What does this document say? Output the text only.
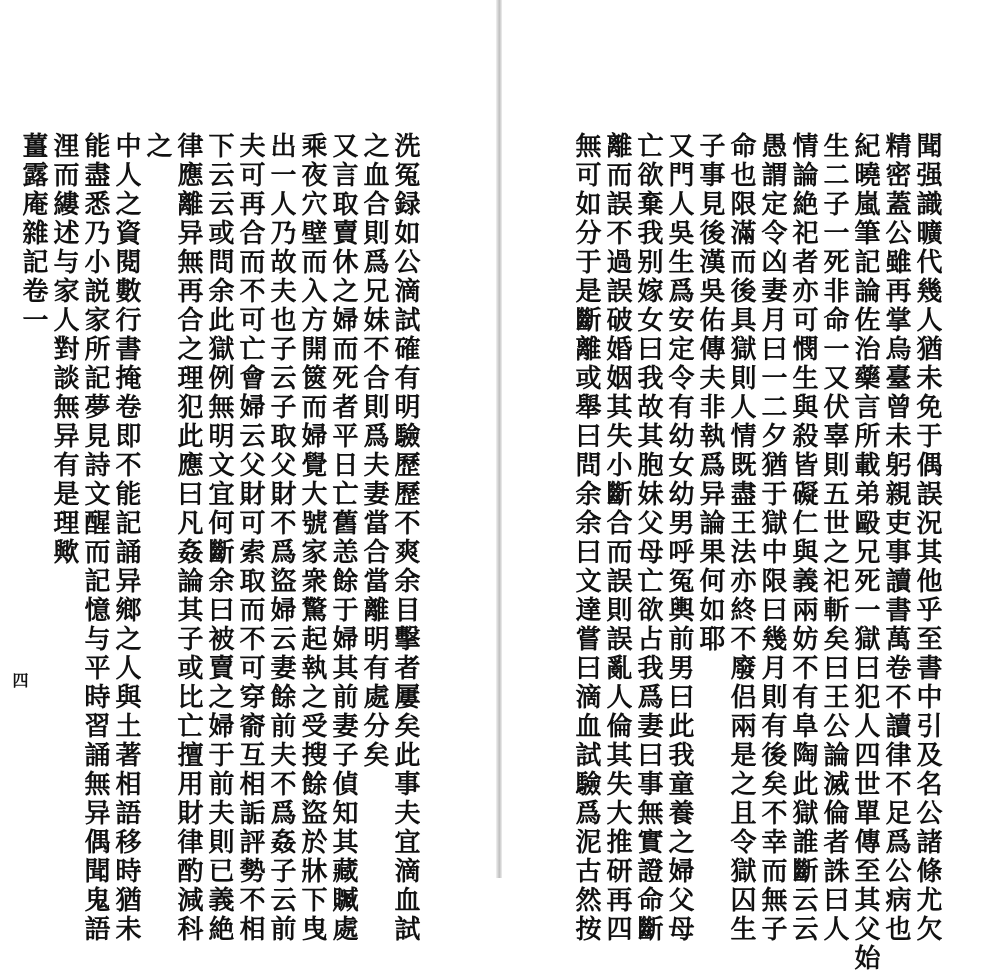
洗冤録如公滴試確有明驗歷歷不爽余目擊者屢矣此事夫宜滴血試
之血合則爲兄妹不合則爲夫妻當合當離明有處分矣
又言取賣休之婦而死者平日亡舊恙餘于婦其前妻子偵知其藏贓處
乘夜穴壁而入方開篋而婦覺大號家衆驚起執之受搜餘盜於牀下曳
出一人乃故夫也子云子取父財不爲盜婦云妻餘前夫不爲姦子云前
夫可再合而不可亡會婦云父財可索取而不可穿窬互相詬評勢不相
下云云或問余此獄例無明文宜何斷余曰被賣之婦于前夫則已義絶
律應離异無再合之理犯此應曰凡姦論其子或比亡擅用財律酌減科
之
中人之資閱數行書掩卷即不能記誦异鄉之人與土著相語移時猶未
能盡悉乃小説家所記夢見詩文醒而記憶与平時習誦無异偶聞鬼語
浬而縷述与家人對談無异有是理歟
薑露庵雜記卷一
四	聞强識曠代幾人猶未免于偶誤況其他乎至書中引及名公諸條尤欠
精密蓋公雖再掌烏臺曾未躬親吏事讀書萬卷不讀律不足爲公病也
紀曉嵐筆記論佐治藥言所載弟毆兄死一獄曰犯人四世單傳至其父始
生二子一死非命一又伏辜則五世之祀斬矣曰王公論滅倫者誅曰人
情論絶祀者亦可憫生與殺皆礙仁與義兩妨不有阜陶此獄誰斷云云
愚謂定令凶妻月曰一二夕猶于獄中限曰幾月則有後矣不幸而無子
命也限滿而後具獄則人情既盡王法亦終不廢侣兩是之且令獄囚生
子事見後漢吳佑傳夫非執爲异論果何如耶
又門人吳生爲安定令有幼女幼男呼冤輿前男曰此我童養之婦父母
亡欲棄我别嫁女曰我故其胞妹父母亡欲占我爲妻曰事無實證命斷
離而誤不過誤破婚姻其失小斷合而誤則誤亂人倫其失大推研再四
無可如分于是斷離或舉曰問余余曰文達嘗曰滴血試驗爲泥古然按
